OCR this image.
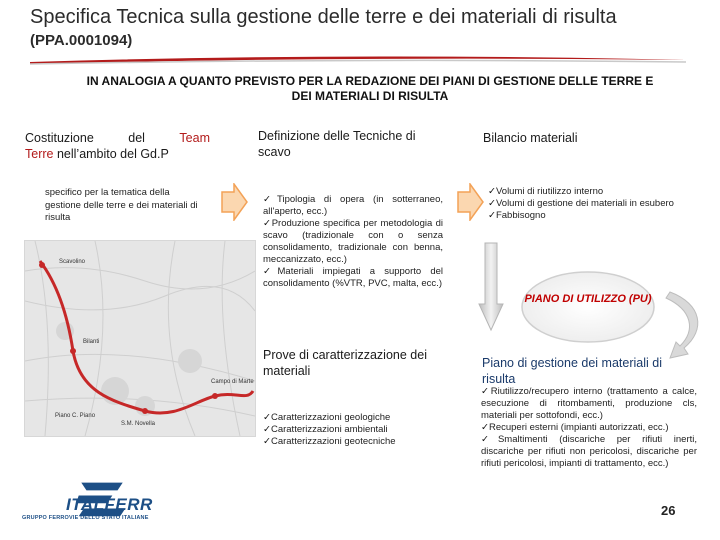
Specifica Tecnica sulla gestione delle terre e dei materiali di risulta (PPA.0001094)
IN ANALOGIA A QUANTO PREVISTO PER LA REDAZIONE DEI PIANI DI GESTIONE DELLE TERRE E DEI MATERIALI DI RISULTA
Costituzione	del	Team
Terre nell’ambito del Gd.P
specifico per la tematica della gestione delle terre e dei materiali di risulta
Definizione delle Tecniche di scavo
Bilancio materiali
✓Tipologia di opera (in sotterraneo, all'aperto, ecc.)
✓Produzione specifica per metodologia di scavo (tradizionale con o senza consolidamento, tradizionale con benna, meccanizzato, ecc.)
✓Materiali impiegati a supporto del consolidamento (%VTR, PVC, malta, ecc.)
✓Volumi di riutilizzo interno
✓Volumi di gestione dei materiali in esubero
✓Fabbisogno
PIANO DI UTILIZZO (PU)
Scavolino
Bilanti
Piano C. Piano
S.M. Novella
Campo di Marte
Prove di caratterizzazione dei materiali
✓Caratterizzazioni geologiche
✓Caratterizzazioni ambientali
✓Caratterizzazioni geotecniche
Piano di gestione dei materiali di risulta
✓Riutilizzo/recupero interno (trattamento a calce, esecuzione di ritombamenti, produzione cls, materiali per sottofondi, ecc.)
✓Recuperi esterni (impianti autorizzati, ecc.)
✓Smaltimenti (discariche per rifiuti inerti, discariche per rifiuti non pericolosi, discariche per rifiuti pericolosi, impianti di trattamento, ecc.)
ITALFERR
GRUPPO FERROVIE DELLO STATO ITALIANE	26
